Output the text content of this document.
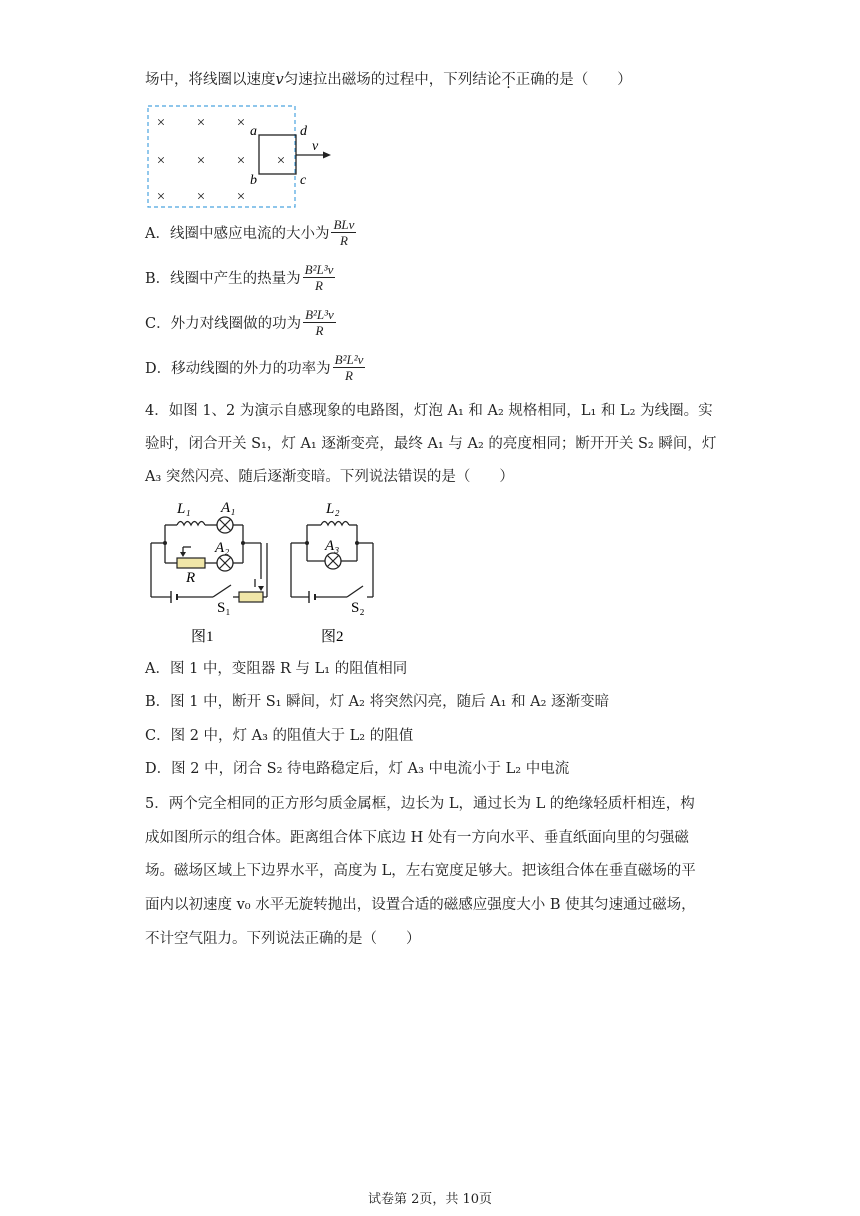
场中，将线圈以速度v匀速拉出磁场的过程中，下列结论不正确的是（　　）
× × ×
× × × ×
× × ×
a
b	c
d
v
A．线圈中感应电流的大小为 $\frac{\text{BLv}}{R}$
B．线圈中产生的热量为 $\frac{\text{B²L³v}}{R}$
C．外力对线圈做的功为 $\frac{\text{B²L³v}}{R}$
D．移动线圈的外力的功率为 $\frac{\text{B²L²v}}{R}$
4．如图 1、2 为演示自感现象的电路图，灯泡 A₁ 和 A₂ 规格相同，L₁ 和 L₂ 为线圈。实
验时，闭合开关 S₁，灯 A₁ 逐渐变亮，最终 A₁ 与 A₂ 的亮度相同；断开开关 S₂ 瞬间，灯
A₃ 突然闪亮、随后逐渐变暗。下列说法错误的是（　　）
L₁ A₁
A₂
R
S₁
图1
L₂
A₃
S₂
图2
A．图 1 中，变阻器 R 与 L₁ 的阻值相同
B．图 1 中，断开 S₁ 瞬间，灯 A₂ 将突然闪亮，随后 A₁ 和 A₂ 逐渐变暗
C．图 2 中，灯 A₃ 的阻值大于 L₂ 的阻值
D．图 2 中，闭合 S₂ 待电路稳定后，灯 A₃ 中电流小于 L₂ 中电流
5．两个完全相同的正方形匀质金属框，边长为 L，通过长为 L 的绝缘轻质杆相连，构
成如图所示的组合体。距离组合体下底边 H 处有一方向水平、垂直纸面向里的匀强磁
场。磁场区域上下边界水平，高度为 L，左右宽度足够大。把该组合体在垂直磁场的平
面内以初速度 v₀ 水平无旋转抛出，设置合适的磁感应强度大小 B 使其匀速通过磁场，
不计空气阻力。下列说法正确的是（　　）
试卷第 2页，共 10页
